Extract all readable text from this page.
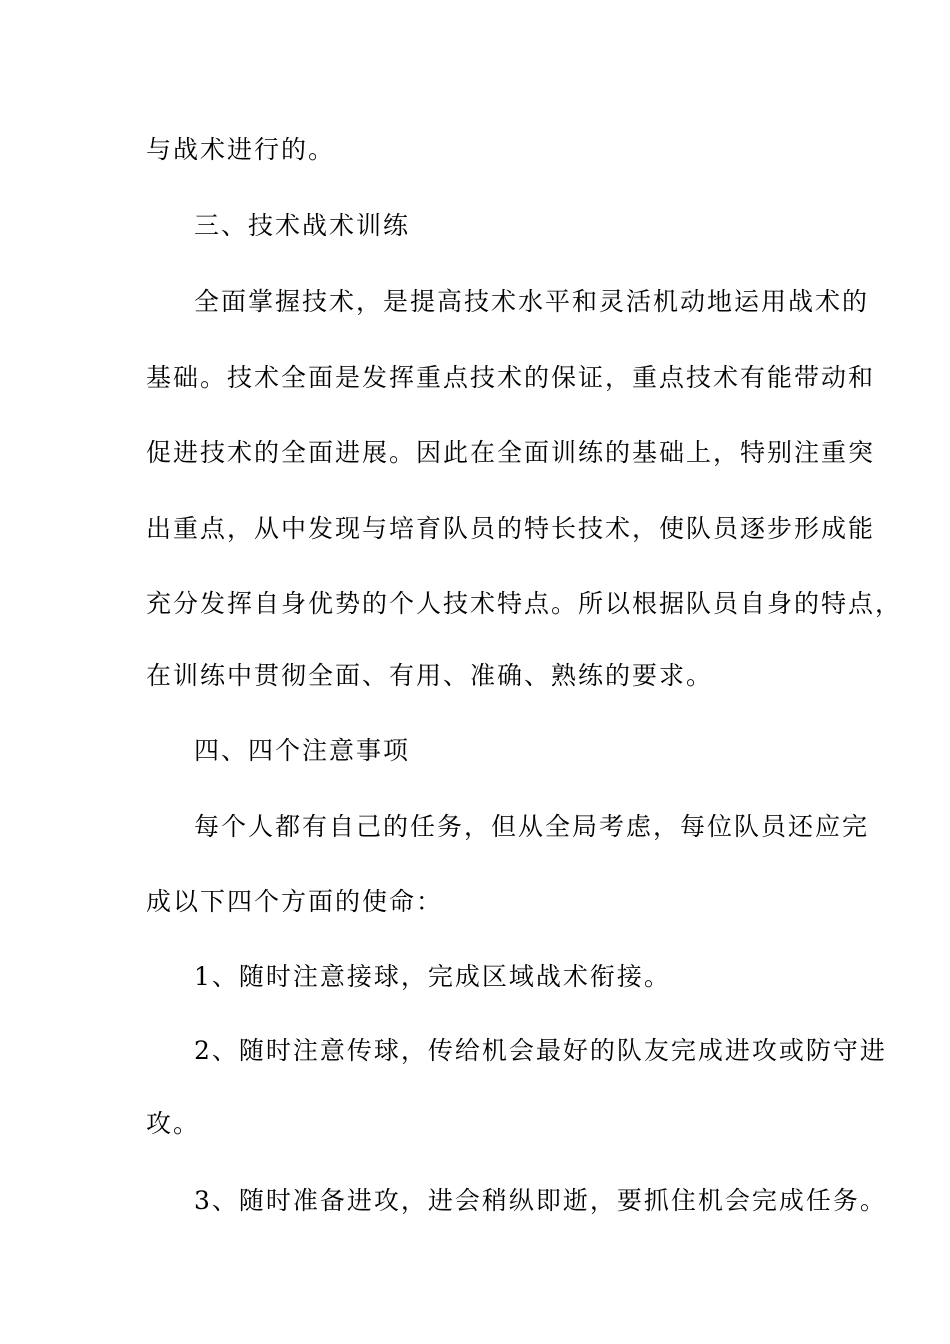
与战术进行的。
三、技术战术训练
全面掌握技术，是提高技术水平和灵活机动地运用战术的
基础。技术全面是发挥重点技术的保证，重点技术有能带动和
促进技术的全面进展。因此在全面训练的基础上，特别注重突
出重点，从中发现与培育队员的特长技术，使队员逐步形成能
充分发挥自身优势的个人技术特点。所以根据队员自身的特点，
在训练中贯彻全面、有用、准确、熟练的要求。
四、四个注意事项
每个人都有自己的任务，但从全局考虑，每位队员还应完
成以下四个方面的使命：
1、随时注意接球，完成区域战术衔接。
2、随时注意传球，传给机会最好的队友完成进攻或防守进
攻。
3、随时准备进攻，进会稍纵即逝，要抓住机会完成任务。
